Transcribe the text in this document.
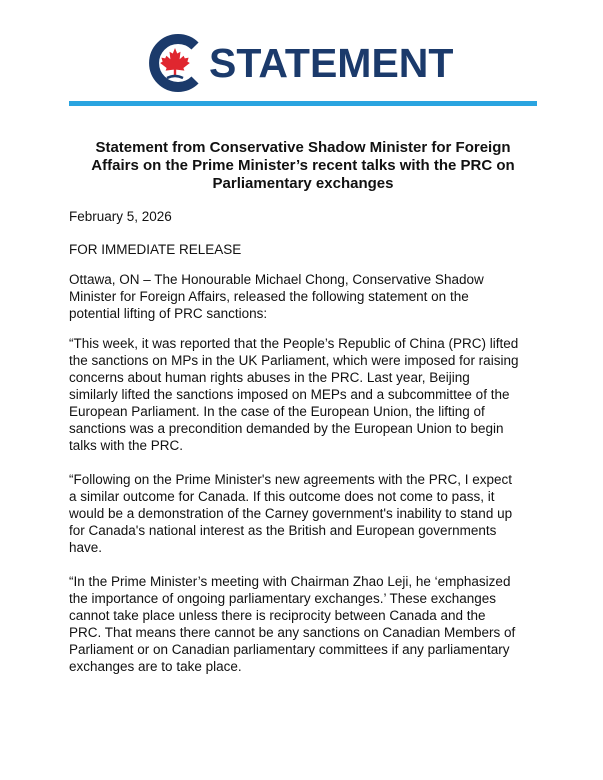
STATEMENT
Statement from Conservative Shadow Minister for Foreign
Affairs on the Prime Minister’s recent talks with the PRC on
Parliamentary exchanges

February 5, 2026

FOR IMMEDIATE RELEASE

Ottawa, ON – The Honourable Michael Chong, Conservative Shadow
Minister for Foreign Affairs, released the following statement on the
potential lifting of PRC sanctions:

“This week, it was reported that the People’s Republic of China (PRC) lifted
the sanctions on MPs in the UK Parliament, which were imposed for raising
concerns about human rights abuses in the PRC. Last year, Beijing
similarly lifted the sanctions imposed on MEPs and a subcommittee of the
European Parliament. In the case of the European Union, the lifting of
sanctions was a precondition demanded by the European Union to begin
talks with the PRC.

“Following on the Prime Minister's new agreements with the PRC, I expect
a similar outcome for Canada. If this outcome does not come to pass, it
would be a demonstration of the Carney government's inability to stand up
for Canada's national interest as the British and European governments
have.

“In the Prime Minister’s meeting with Chairman Zhao Leji, he ‘emphasized
the importance of ongoing parliamentary exchanges.’ These exchanges
cannot take place unless there is reciprocity between Canada and the
PRC. That means there cannot be any sanctions on Canadian Members of
Parliament or on Canadian parliamentary committees if any parliamentary
exchanges are to take place.
